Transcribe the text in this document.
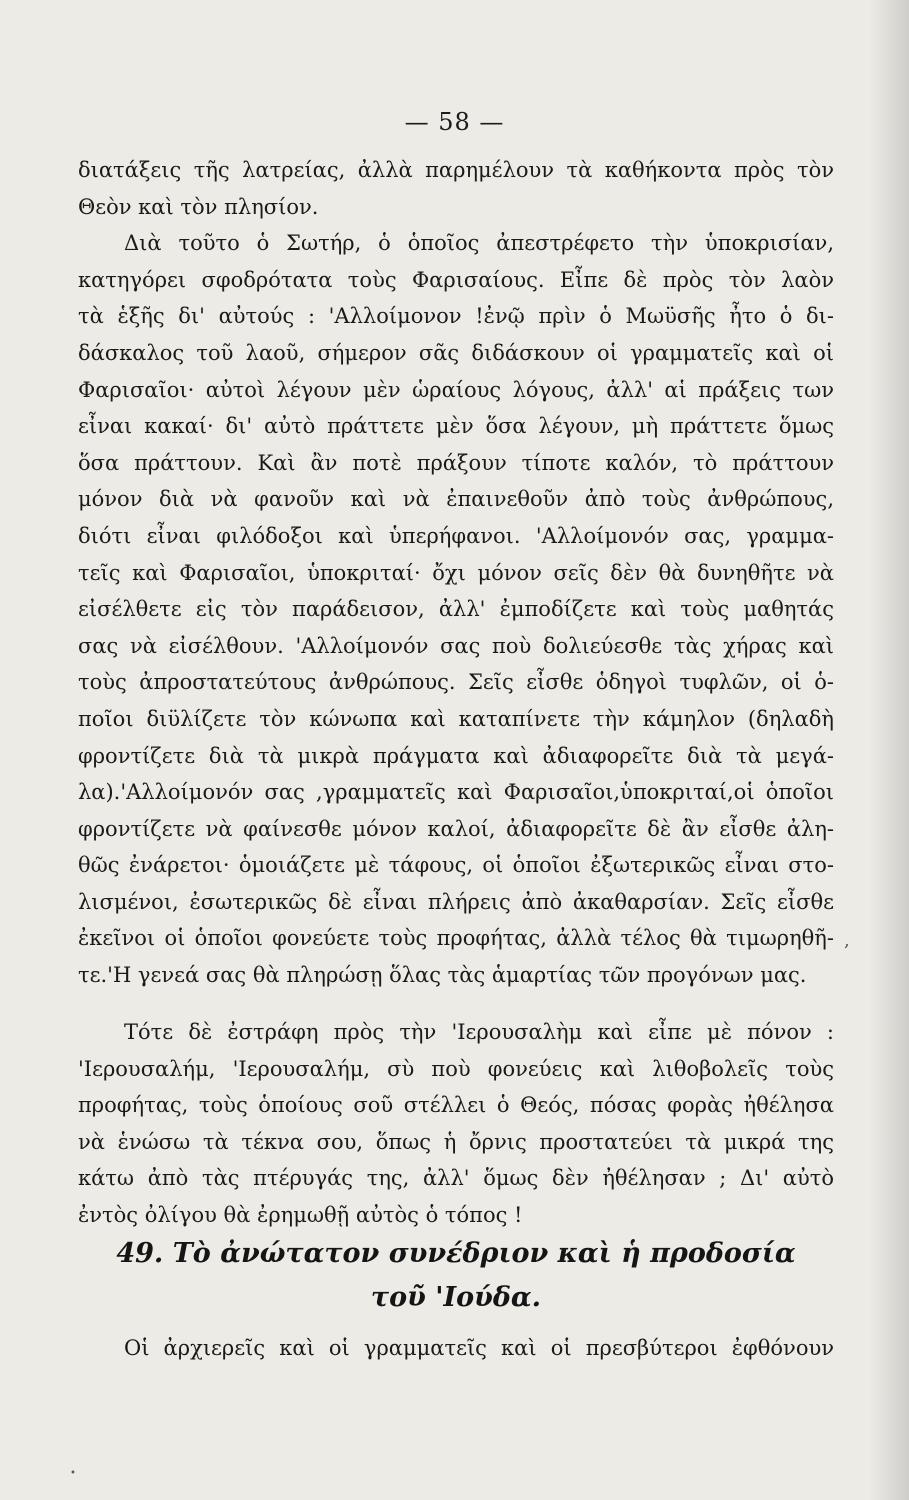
— 58 —
διατάξεις τῆς λατρείας, ἀλλὰ παρημέλουν τὰ καθήκοντα πρὸς τὸν
Θεὸν καὶ τὸν πλησίον.
Διὰ τοῦτο ὁ Σωτήρ, ὁ ὁποῖος ἀπεστρέφετο τὴν ὑποκρισίαν,
κατηγόρει σφοδρότατα τοὺς Φαρισαίους. Εἶπε δὲ πρὸς τὸν λαὸν
τὰ ἑξῆς δι' αὐτούς : 'Αλλοίμονον !ἐνῷ πρὶν ὁ Μωϋσῆς ἦτο ὁ δι-
δάσκαλος τοῦ λαοῦ, σήμερον σᾶς διδάσκουν οἱ γραμματεῖς καὶ οἱ
Φαρισαῖοι· αὐτοὶ λέγουν μὲν ὡραίους λόγους, ἀλλ' αἱ πράξεις των
εἶναι κακαί· δι' αὐτὸ πράττετε μὲν ὅσα λέγουν, μὴ πράττετε ὅμως
ὅσα πράττουν. Καὶ ἂν ποτὲ πράξουν τίποτε καλόν, τὸ πράττουν
μόνον διὰ νὰ φανοῦν καὶ νὰ ἐπαινεθοῦν ἀπὸ τοὺς ἀνθρώπους,
διότι εἶναι φιλόδοξοι καὶ ὑπερήφανοι. 'Αλλοίμονόν σας, γραμμα-
τεῖς καὶ Φαρισαῖοι, ὑποκριταί· ὄχι μόνον σεῖς δὲν θὰ δυνηθῆτε νὰ
εἰσέλθετε εἰς τὸν παράδεισον, ἀλλ' ἐμποδίζετε καὶ τοὺς μαθητάς
σας νὰ εἰσέλθουν. 'Αλλοίμονόν σας ποὺ δολιεύεσθε τὰς χήρας καὶ
τοὺς ἀπροστατεύτους ἀνθρώπους. Σεῖς εἶσθε ὁδηγοὶ τυφλῶν, οἱ ὁ-
ποῖοι διϋλίζετε τὸν κώνωπα καὶ καταπίνετε τὴν κάμηλον (δηλαδὴ
φροντίζετε διὰ τὰ μικρὰ πράγματα καὶ ἀδιαφορεῖτε διὰ τὰ μεγά-
λα).'Αλλοίμονόν σας ,γραμματεῖς καὶ Φαρισαῖοι,ὑποκριταί,οἱ ὁποῖοι
φροντίζετε νὰ φαίνεσθε μόνον καλοί, ἀδιαφορεῖτε δὲ ἂν εἶσθε ἀλη-
θῶς ἐνάρετοι· ὁμοιάζετε μὲ τάφους, οἱ ὁποῖοι ἐξωτερικῶς εἶναι στο-
λισμένοι, ἐσωτερικῶς δὲ εἶναι πλήρεις ἀπὸ ἀκαθαρσίαν. Σεῖς εἶσθε
ἐκεῖνοι οἱ ὁποῖοι φονεύετε τοὺς προφήτας, ἀλλὰ τέλος θὰ τιμωρηθῆ-
τε.'Η γενεά σας θὰ πληρώσῃ ὅλας τὰς ἁμαρτίας τῶν προγόνων μας.
Τότε δὲ ἐστράφη πρὸς τὴν 'Ιερουσαλὴμ καὶ εἶπε μὲ πόνον :
'Ιερουσαλήμ, 'Ιερουσαλήμ, σὺ ποὺ φονεύεις καὶ λιθοβολεῖς τοὺς
προφήτας, τοὺς ὁποίους σοῦ στέλλει ὁ Θεός, πόσας φορὰς ἠθέλησα
νὰ ἑνώσω τὰ τέκνα σου, ὅπως ἡ ὄρνις προστατεύει τὰ μικρά της
κάτω ἀπὸ τὰς πτέρυγάς της, ἀλλ' ὅμως δὲν ἠθέλησαν ; Δι' αὐτὸ
ἐντὸς ὀλίγου θὰ ἐρημωθῇ αὐτὸς ὁ τόπος !
49. Τὸ ἀνώτατον συνέδριον καὶ ἡ προδοσία
τοῦ 'Ιούδα.
Οἱ ἀρχιερεῖς καὶ οἱ γραμματεῖς καὶ οἱ πρεσβύτεροι ἐφθόνουν
,
•
